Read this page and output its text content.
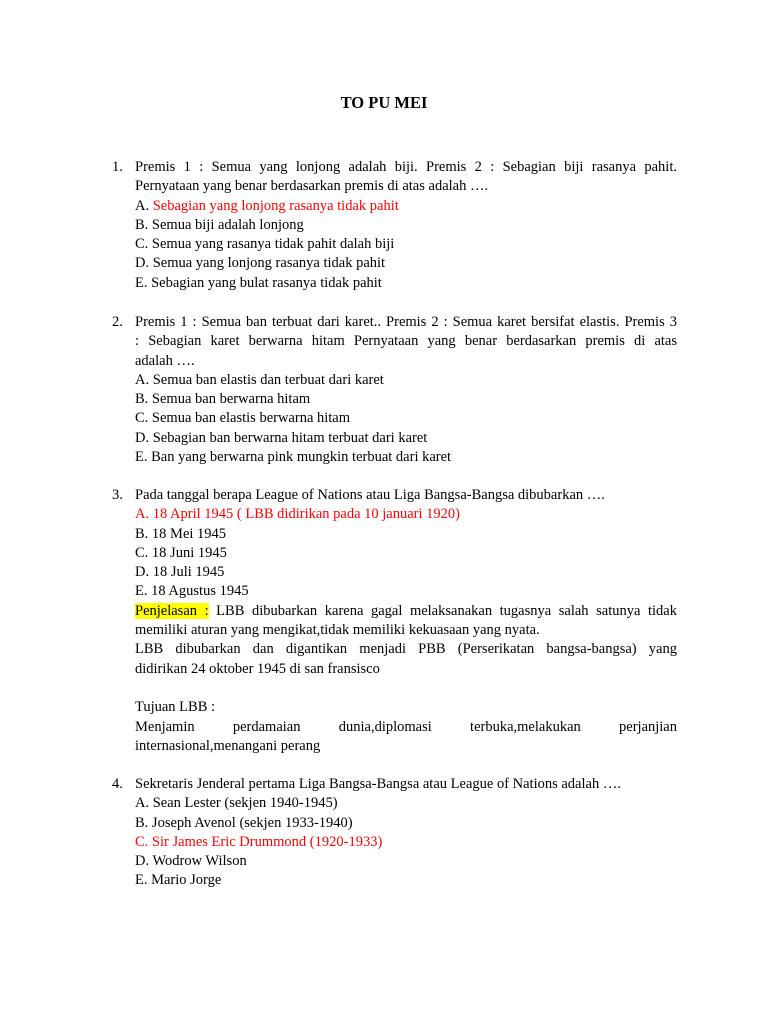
TO PU MEI
1. Premis 1 : Semua yang lonjong adalah biji. Premis 2 : Sebagian biji rasanya pahit.
Pernyataan yang benar berdasarkan premis di atas adalah ….
A. Sebagian yang lonjong rasanya tidak pahit
B. Semua biji adalah lonjong
C. Semua yang rasanya tidak pahit dalah biji
D. Semua yang lonjong rasanya tidak pahit
E. Sebagian yang bulat rasanya tidak pahit
2. Premis 1 : Semua ban terbuat dari karet.. Premis 2 : Semua karet bersifat elastis. Premis 3
: Sebagian karet berwarna hitam Pernyataan yang benar berdasarkan premis di atas
adalah ….
A. Semua ban elastis dan terbuat dari karet
B. Semua ban berwarna hitam
C. Semua ban elastis berwarna hitam
D. Sebagian ban berwarna hitam terbuat dari karet
E. Ban yang berwarna pink mungkin terbuat dari karet
3. Pada tanggal berapa League of Nations atau Liga Bangsa-Bangsa dibubarkan ….
A. 18 April 1945 ( LBB didirikan pada 10 januari 1920)
B. 18 Mei 1945
C. 18 Juni 1945
D. 18 Juli 1945
E. 18 Agustus 1945
Penjelasan : LBB dibubarkan karena gagal melaksanakan tugasnya salah satunya tidak
memiliki aturan yang mengikat,tidak memiliki kekuasaan yang nyata.
LBB dibubarkan dan digantikan menjadi PBB (Perserikatan bangsa-bangsa) yang
didirikan 24 oktober 1945 di san fransisco
Tujuan LBB :
Menjamin perdamaian dunia,diplomasi terbuka,melakukan perjanjian
internasional,menangani perang
4. Sekretaris Jenderal pertama Liga Bangsa-Bangsa atau League of Nations adalah ….
A. Sean Lester (sekjen 1940-1945)
B. Joseph Avenol (sekjen 1933-1940)
C. Sir James Eric Drummond (1920-1933)
D. Wodrow Wilson
E. Mario Jorge
